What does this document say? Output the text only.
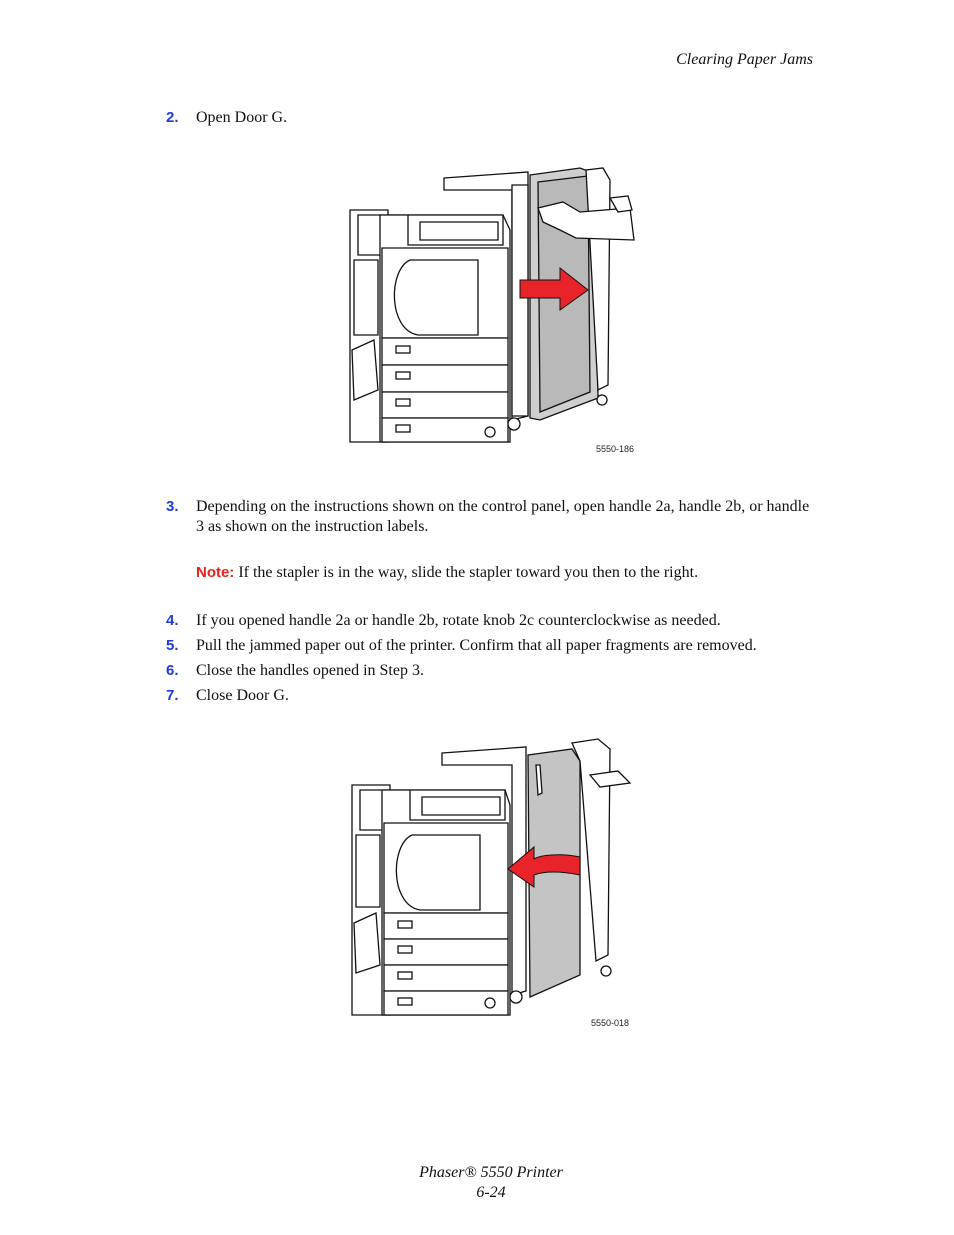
Clearing Paper Jams
2. Open Door G.
5550-186
3. Depending on the instructions shown on the control panel, open handle 2a, handle 2b, or handle 3 as shown on the instruction labels.
Note: If the stapler is in the way, slide the stapler toward you then to the right.
4. If you opened handle 2a or handle 2b, rotate knob 2c counterclockwise as needed.
5. Pull the jammed paper out of the printer. Confirm that all paper fragments are removed.
6. Close the handles opened in Step 3.
7. Close Door G.
5550-018
Phaser® 5550 Printer
6-24
